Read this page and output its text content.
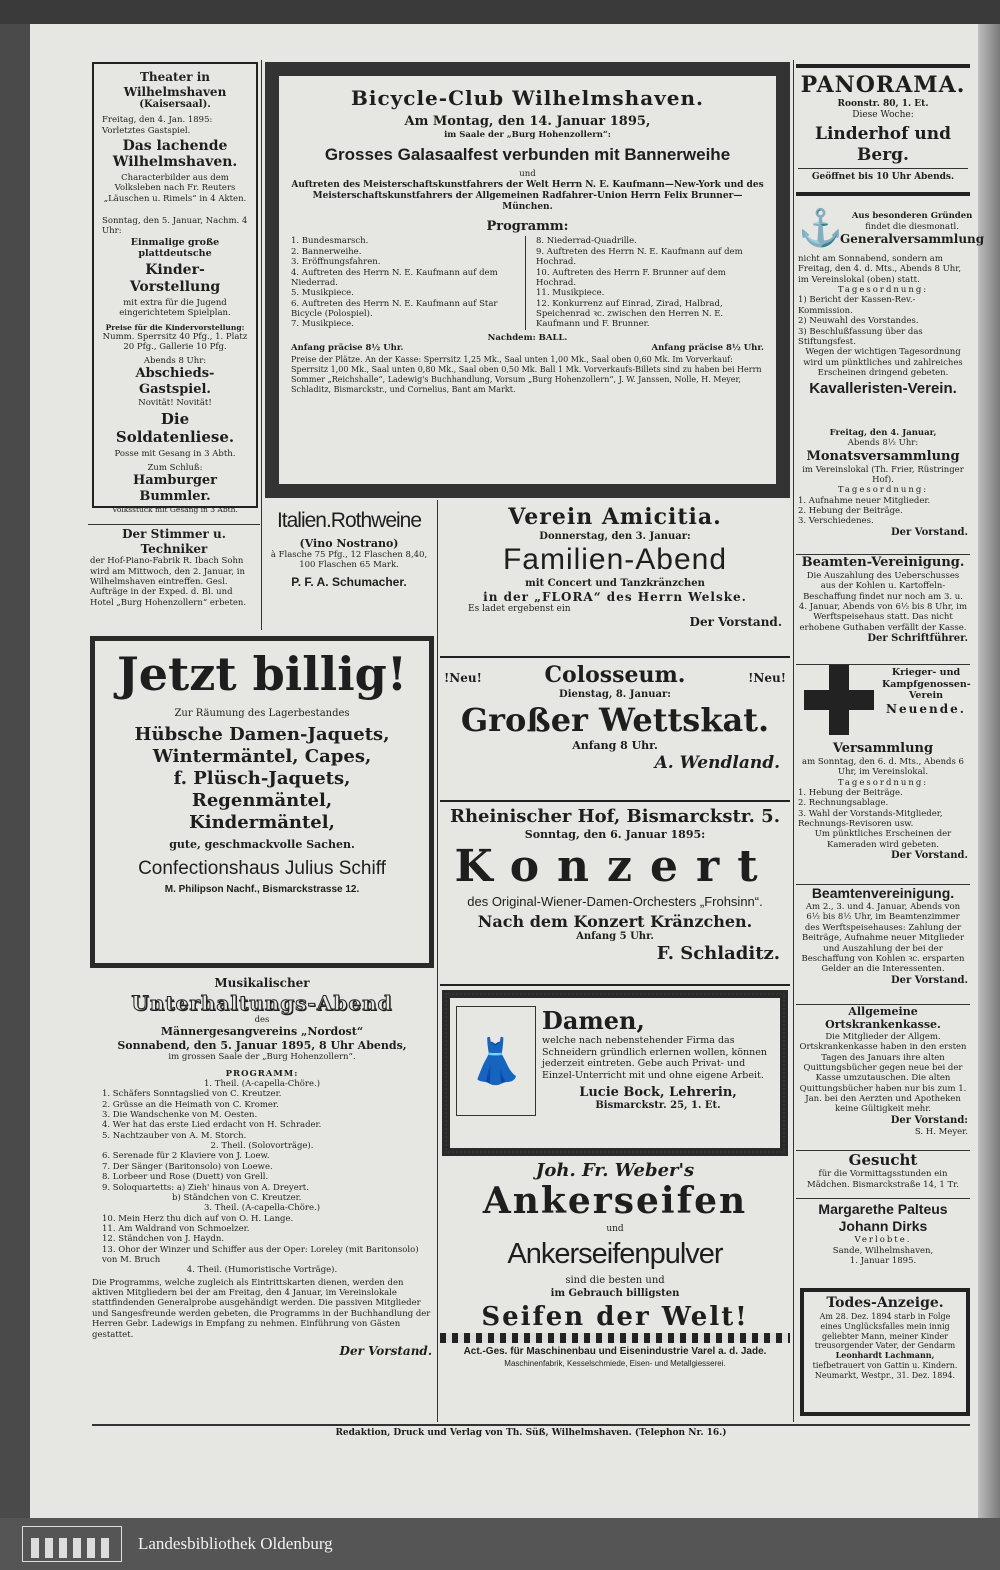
Theater in Wilhelmshaven

(Kaisersaal).

Freitag, den 4. Jan. 1895: Vorletztes Gastspiel.

Das lachende Wilhelmshaven.

Characterbilder aus dem Volksleben nach Fr. Reuters „Läuschen u. Rimels“ in 4 Akten.

Sonntag, den 5. Januar, Nachm. 4 Uhr:

Einmalige große plattdeutsche

Kinder-Vorstellung

mit extra für die Jugend eingerichtetem Spielplan.

Preise für die Kindervorstellung:

Numm. Sperrsitz 40 Pfg., 1. Platz 20 Pfg., Gallerie 10 Pfg.

Abends 8 Uhr:

Abschieds-Gastspiel.

Novität! Novität!

Die Soldatenliese.

Posse mit Gesang in 3 Abth.

Zum Schluß:

Hamburger Bummler.

Volksstück mit Gesang in 3 Abth.

Bicycle-Club Wilhelmshaven.

Am Montag, den 14. Januar 1895,

im Saale der „Burg Hohenzollern“:

Grosses Galasaalfest verbunden mit Bannerweihe

und

Auftreten des Meisterschaftskunstfahrers der Welt Herrn N. E. Kaufmann—New-York und des Meisterschaftskunstfahrers der Allgemeinen Radfahrer-Union Herrn Felix Brunner—München.

Programm:

1. Bundesmarsch.
2. Bannerweihe.
3. Eröffnungsfahren.
4. Auftreten des Herrn N. E. Kaufmann auf dem Niederrad.
5. Musikpiece.
6. Auftreten des Herrn N. E. Kaufmann auf Star Bicycle (Polospiel).
7. Musikpiece.
8. Niederrad-Quadrille.
9. Auftreten des Herrn N. E. Kaufmann auf dem Hochrad.
10. Auftreten des Herrn F. Brunner auf dem Hochrad.
11. Musikpiece.
12. Konkurrenz auf Einrad, Zirad, Halbrad, Speichenrad ꝛc. zwischen den Herren N. E. Kaufmann und F. Brunner.

Nachdem: BALL.

Anfang präcise 8½ Uhr.	Anfang präcise 8½ Uhr.

Preise der Plätze. An der Kasse: Sperrsitz 1,25 Mk., Saal unten 1,00 Mk., Saal oben 0,60 Mk. Im Vorverkauf: Sperrsitz 1,00 Mk., Saal unten 0,80 Mk., Saal oben 0,50 Mk. Ball 1 Mk. Vorverkaufs-Billets sind zu haben bei Herrn Sommer „Reichshalle“, Ladewig's Buchhandlung, Vorsum „Burg Hohenzollern“, J. W. Janssen, Nolle, H. Meyer, Schladitz, Bismarckstr., und Cornelius, Bant am Markt.

PANORAMA.

Roonstr. 80, 1. Et.

Diese Woche:

Linderhof und Berg.

Geöffnet bis 10 Uhr Abends.

⚓	Aus besonderen Gründen

findet die diesmonatl.

Generalversammlung

nicht am Sonnabend, sondern am Freitag, den 4. d. Mts., Abends 8 Uhr, im Vereinslokal (oben) statt.

Tagesordnung:

1) Bericht der Kassen-Rev.-Kommission.
2) Neuwahl des Vorstandes.
3) Beschlußfassung über das Stiftungsfest.

Wegen der wichtigen Tagesordnung wird um pünktliches und zahlreiches Erscheinen dringend gebeten.

Kavalleristen-Verein.

Freitag, den 4. Januar,

Abends 8½ Uhr:

Monatsversammlung

im Vereinslokal (Th. Frier, Rüstringer Hof).

Tagesordnung:

1. Aufnahme neuer Mitglieder.
2. Hebung der Beiträge.
3. Verschiedenes.

Der Vorstand.

Beamten-Vereinigung.

Die Auszahlung des Ueberschusses aus der Kohlen u. Kartoffeln-Beschaffung findet nur noch am 3. u. 4. Januar, Abends von 6½ bis 8 Uhr, im Werftspeisehaus statt. Das nicht erhobene Guthaben verfällt der Kasse.

Der Schriftführer.

Krieger- und Kampfgenossen-Verein

Neuende.

Versammlung

am Sonntag, den 6. d. Mts., Abends 6 Uhr, im Vereinslokal.

Tagesordnung:

1. Hebung der Beiträge.
2. Rechnungsablage.
3. Wahl der Vorstands-Mitglieder, Rechnungs-Revisoren usw.

Um pünktliches Erscheinen der Kameraden wird gebeten.

Der Vorstand.

Beamtenvereinigung.

Am 2., 3. und 4. Januar, Abends von 6½ bis 8½ Uhr, im Beamtenzimmer des Werftspeisehauses: Zahlung der Beiträge, Aufnahme neuer Mitglieder und Auszahlung der bei der Beschaffung von Kohlen ꝛc. ersparten Gelder an die Interessenten.

Der Vorstand.

Allgemeine Ortskrankenkasse.

Die Mitglieder der Allgem. Ortskrankenkasse haben in den ersten Tagen des Januars ihre alten Quittungsbücher gegen neue bei der Kasse umzutauschen. Die alten Quittungsbücher haben nur bis zum 1. Jan. bei den Aerzten und Apotheken keine Gültigkeit mehr.

Der Vorstand:

S. H. Meyer.

Gesucht

für die Vormittagsstunden ein Mädchen. Bismarckstraße 14, 1 Tr.

Margarethe Palteus

Johann Dirks

Verlobte.

Sande, Wilhelmshaven,

1. Januar 1895.

Todes-Anzeige.

Am 28. Dez. 1894 starb in Folge eines Unglücksfalles mein innig geliebter Mann, meiner Kinder treusorgender Vater, der Gendarm

Leonhardt Lachmann,

tiefbetrauert von Gattin u. Kindern.

Neumarkt, Westpr., 31. Dez. 1894.

Der Stimmer u. Techniker

der Hof-Piano-Fabrik R. Ibach Sohn wird am Mittwoch, den 2. Januar, in Wilhelmshaven eintreffen. Gesl. Aufträge in der Exped. d. Bl. und Hotel „Burg Hohenzollern“ erbeten.

Italien.Rothweine

(Vino Nostrano)

à Flasche 75 Pfg., 12 Flaschen 8,40, 100 Flaschen 65 Mark.

P. F. A. Schumacher.

Jetzt billig!

Zur Räumung des Lagerbestandes

Hübsche Damen-Jaquets,

Wintermäntel, Capes,

f. Plüsch-Jaquets,

Regenmäntel,

Kindermäntel,

gute, geschmackvolle Sachen.

Confectionshaus Julius Schiff

M. Philipson Nachf., Bismarckstrasse 12.

Musikalischer

Unterhaltungs-Abend

des

Männergesangvereins „Nordost“

Sonnabend, den 5. Januar 1895, 8 Uhr Abends,

im grossen Saale der „Burg Hohenzollern“.

PROGRAMM:

1. Theil. (A-capella-Chöre.)

1. Schäfers Sonntagslied von C. Kreutzer.
2. Grüsse an die Heimath von C. Kromer.
3. Die Wandschenke von M. Oesten.
4. Wer hat das erste Lied erdacht von H. Schrader.
5. Nachtzauber von A. M. Storch.

2. Theil. (Solovorträge).

6. Serenade für 2 Klaviere von J. Loew.
7. Der Sänger (Baritonsolo) von Loewe.
8. Lorbeer und Rose (Duett) von Grell.
9. Soloquartetts: a) Zieh' hinaus von A. Dreyert.
b) Ständchen von C. Kreutzer.

3. Theil. (A-capella-Chöre.)

10. Mein Herz thu dich auf von O. H. Lange.
11. Am Waldrand von Schmoelzer.
12. Ständchen von J. Haydn.
13. Ohor der Winzer und Schiffer aus der Oper: Loreley (mit Baritonsolo) von M. Bruch

4. Theil. (Humoristische Vorträge).

Die Programms, welche zugleich als Eintrittskarten dienen, werden den aktiven Mitgliedern bei der am Freitag, den 4 Januar, im Vereinslokale stattfindenden Generalprobe ausgehändigt werden. Die passiven Mitglieder und Sangesfreunde werden gebeten, die Programms in der Buchhandlung der Herren Gebr. Ladewigs in Empfang zu nehmen. Einführung von Gästen gestattet.

Der Vorstand.

Verein Amicitia.

Donnerstag, den 3. Januar:

Familien-Abend

mit Concert und Tanzkränzchen

in der „FLORA“ des Herrn Welske.

Es ladet ergebenst ein

Der Vorstand.

!Neu!	Colosseum.	!Neu!

Dienstag, 8. Januar:

Großer Wettskat.

Anfang 8 Uhr.

A. Wendland.

Rheinischer Hof, Bismarckstr. 5.

Sonntag, den 6. Januar 1895:

Konzert

des Original-Wiener-Damen-Orchesters „Frohsinn“.

Nach dem Konzert Kränzchen.

Anfang 5 Uhr.

F. Schladitz.

👗

Damen,

welche nach nebenstehender Firma das Schneidern gründlich erlernen wollen, können jederzeit eintreten. Gebe auch Privat- und Einzel-Unterricht mit und ohne eigene Arbeit.

Lucie Bock, Lehrerin,

Bismarckstr. 25, 1. Et.

Joh. Fr. Weber's

Ankerseifen

und

Ankerseifenpulver

sind die besten und

im Gebrauch billigsten

Seifen der Welt!

Act.-Ges. für Maschinenbau und Eisenindustrie Varel a. d. Jade.

Maschinenfabrik, Kesselschmiede, Eisen- und Metallgiesserei.

Redaktion, Druck und Verlag von Th. Süß, Wilhelmshaven. (Telephon Nr. 16.)

Landesbibliothek Oldenburg
